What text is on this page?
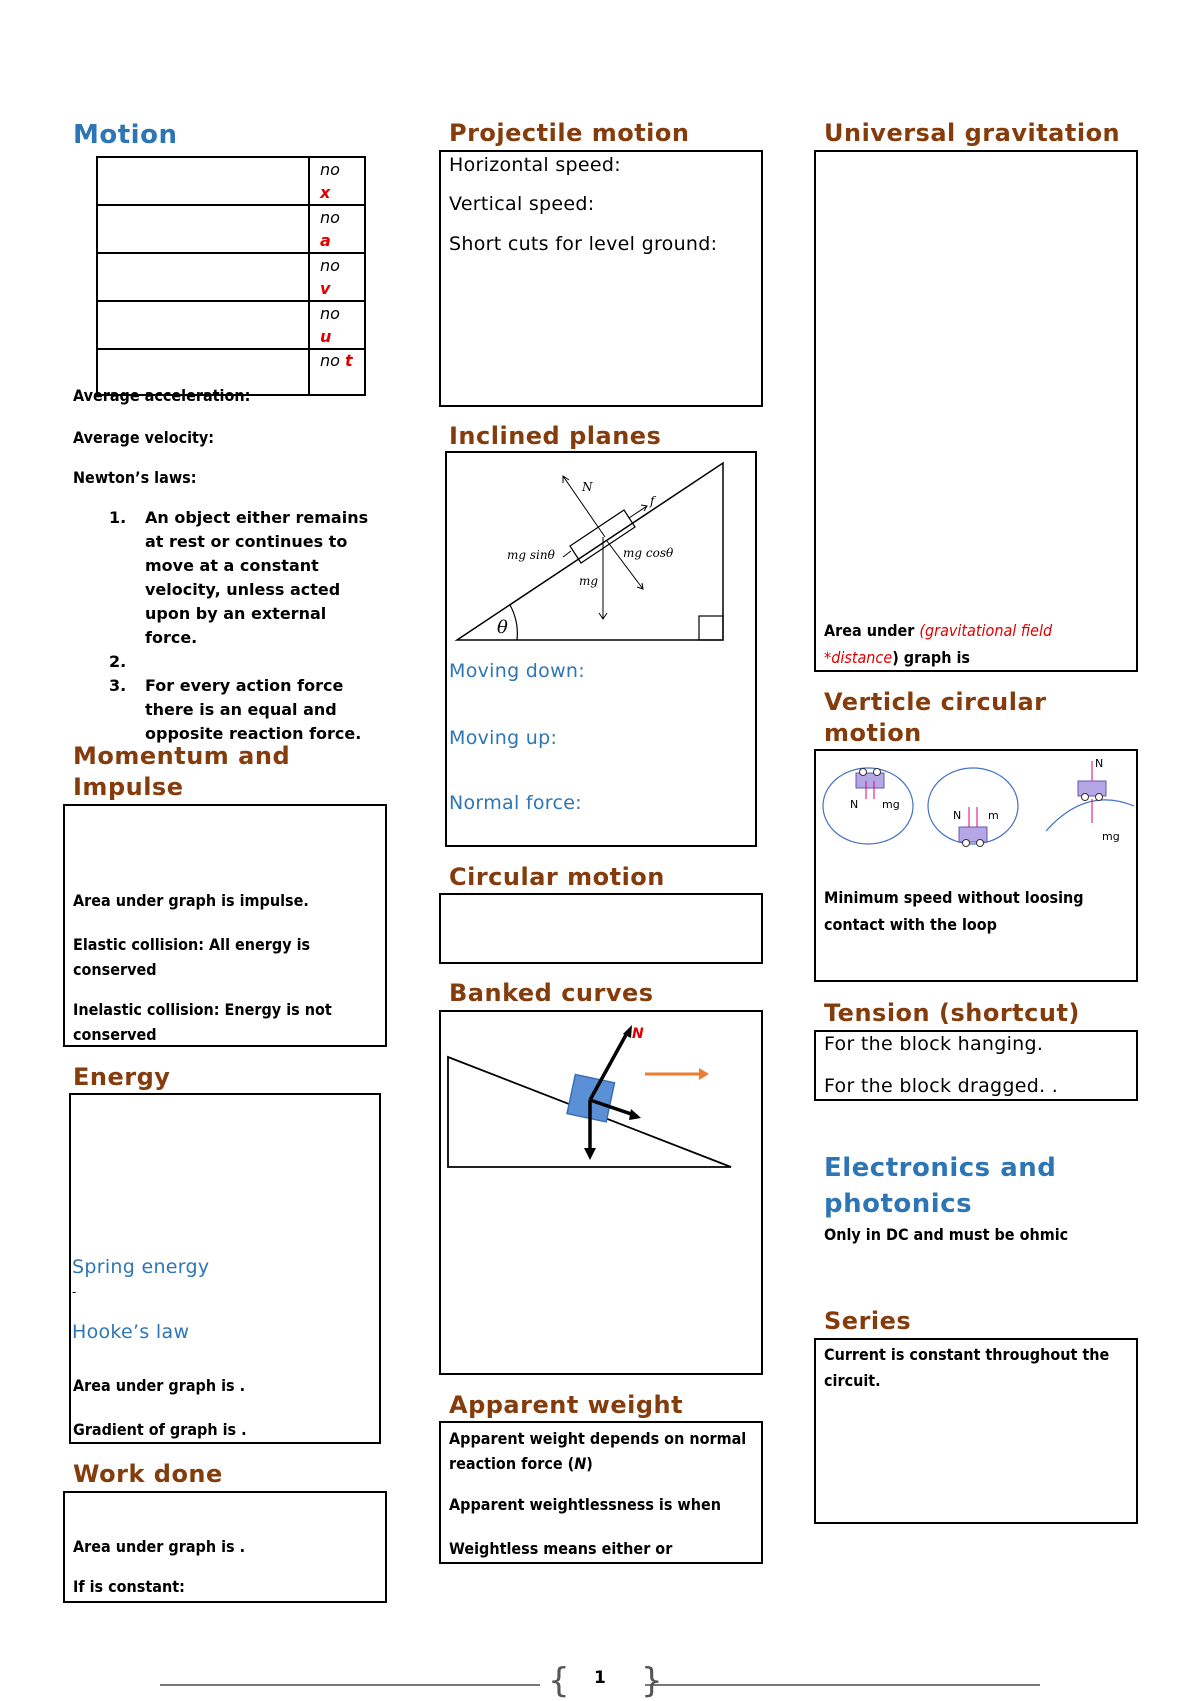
Motion
	no
x
	no
a
	no
v
	no
u
	no t
Average acceleration:
Average velocity:
Newton’s laws:
1. An object either remains at rest or continues to move at a constant velocity, unless acted upon by an external force.
2.

3. For every action force there is an equal and opposite reaction force.
Momentum and Impulse
Area under graph is impulse.
Elastic collision: All energy is conserved
Inelastic collision: Energy is not conserved
Energy
Spring energy
-
Hooke’s law
Area under graph is .
Gradient of graph is .
Work done
Area under graph is .
If is constant:
Projectile motion
Horizontal speed:
Vertical speed:
Short cuts for level ground:
Inclined planes
θ
N
f
mg
mg cosθ
mg sinθ
Moving down:
Moving up:
Normal force:
Circular motion
Banked curves
N
Apparent weight
Apparent weight depends on normal reaction force (N)
Apparent weightlessness is when
Weightless means either or
Universal gravitation
Area under (gravitational field *distance) graph is
Verticle circular motion
N mg
N m
N
mg
Minimum speed without loosing contact with the loop
Tension (shortcut)
For the block hanging.
For the block dragged. .
Electronics and photonics
Only in DC and must be ohmic
Series
Current is constant throughout the circuit.
{ }
1
